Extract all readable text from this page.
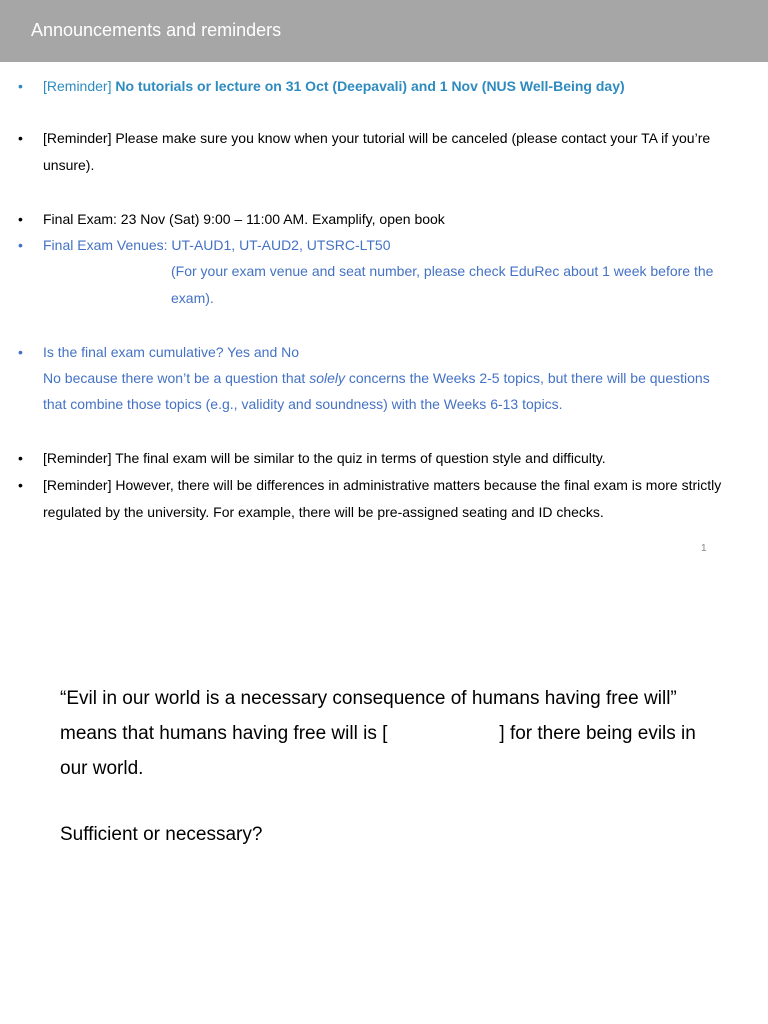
Announcements and reminders
• [Reminder] No tutorials or lecture on 31 Oct (Deepavali) and 1 Nov (NUS Well-Being day)
• [Reminder] Please make sure you know when your tutorial will be canceled (please contact your TA if you’re
unsure).
• Final Exam: 23 Nov (Sat) 9:00 – 11:00 AM. Examplify, open book
• Final Exam Venues: UT-AUD1, UT-AUD2, UTSRC-LT50
(For your exam venue and seat number, please check EduRec about 1 week before the
exam).
• Is the final exam cumulative? Yes and No
No because there won’t be a question that solely concerns the Weeks 2-5 topics, but there will be questions
that combine those topics (e.g., validity and soundness) with the Weeks 6-13 topics.
• [Reminder] The final exam will be similar to the quiz in terms of question style and difficulty.
• [Reminder] However, there will be differences in administrative matters because the final exam is more strictly
regulated by the university. For example, there will be pre-assigned seating and ID checks.
1
“Evil in our world is a necessary consequence of humans having free will”
means that humans having free will is [	] for there being evils in
our world.
Sufficient or necessary?
